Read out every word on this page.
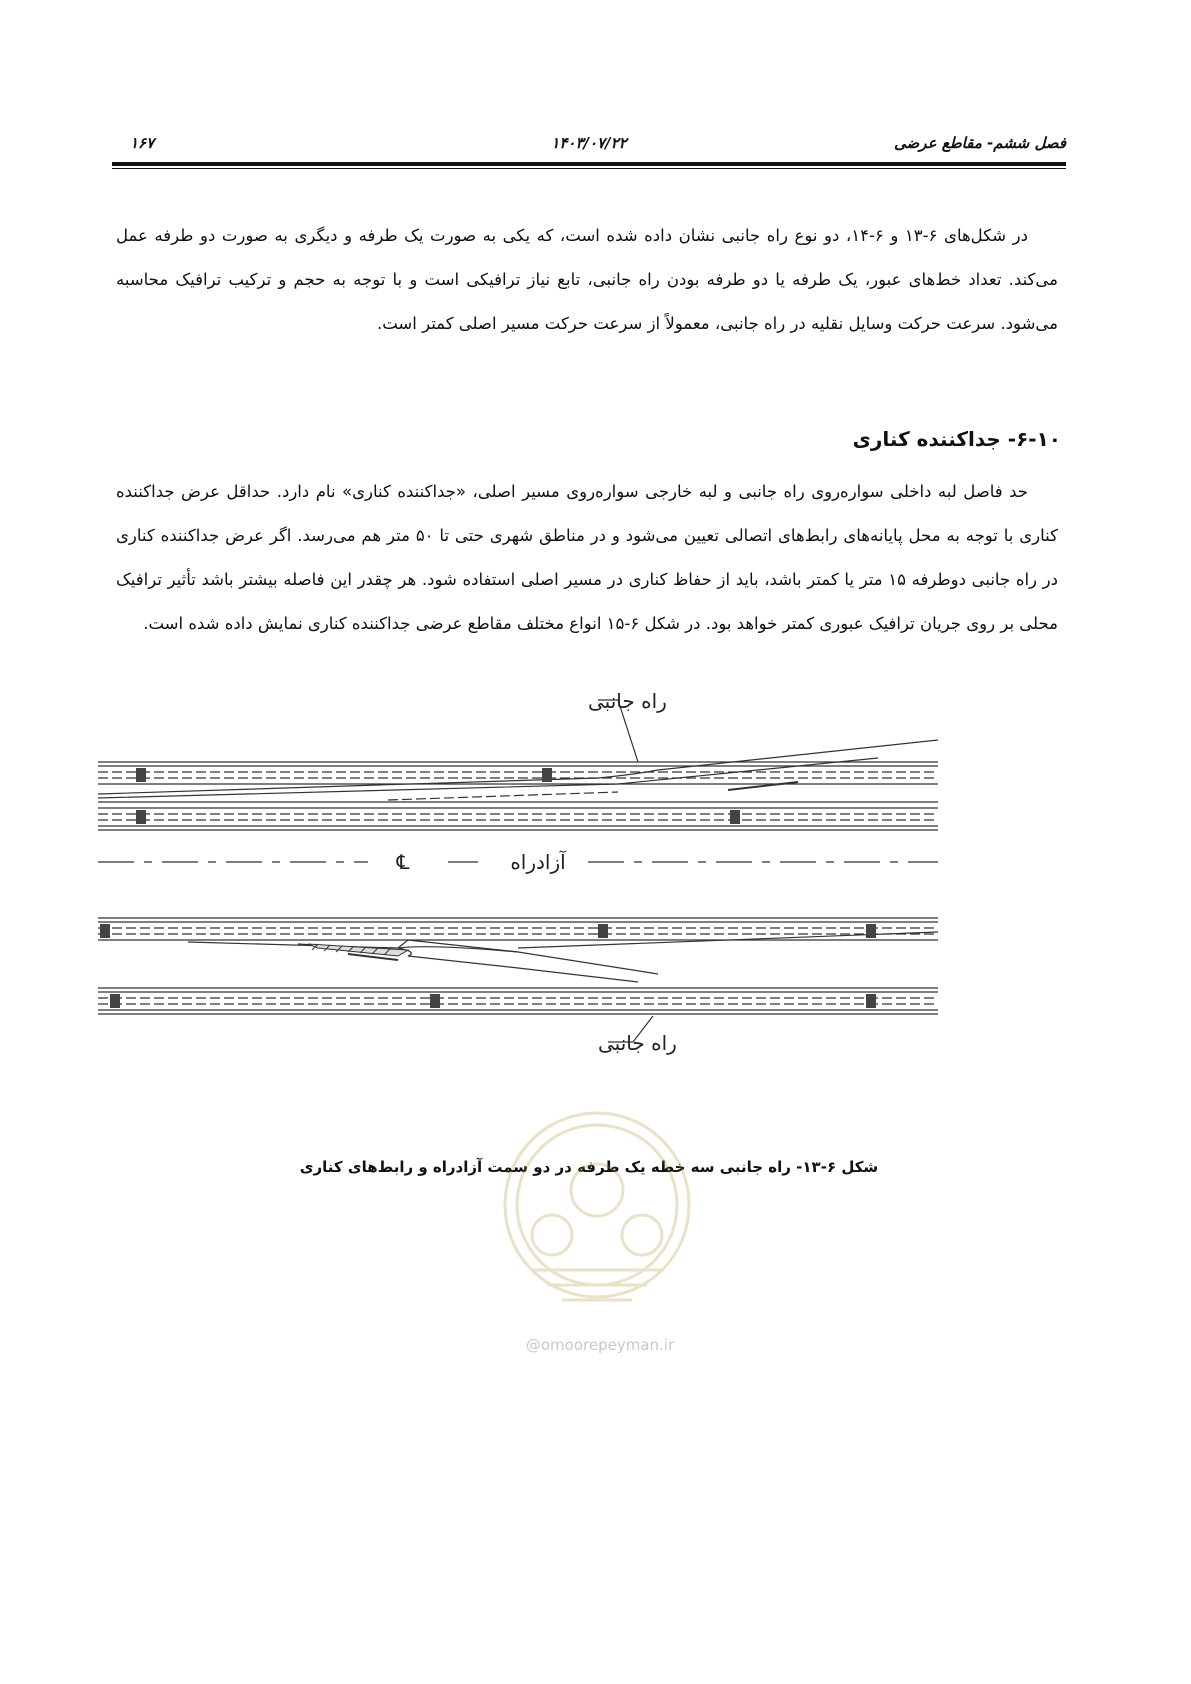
فصل ششم- مقاطع عرضی
۱۴۰۳/۰۷/۲۲
۱۶۷

در شکل‌های ۶-۱۳ و ۶-۱۴، دو نوع راه جانبی نشان داده شده است، که یکی به صورت یک طرفه و دیگری به صورت دو طرفه عمل می‌کند. تعداد خط‌های عبور، یک طرفه یا دو طرفه بودن راه جانبی، تابع نیاز ترافیکی است و با توجه به حجم و ترکیب ترافیک محاسبه می‌شود. سرعت حرکت وسایل نقلیه در راه جانبی، معمولاً از سرعت حرکت مسیر اصلی کمتر است.

۶-۱۰- جداکننده کناری

حد فاصل لبه داخلی سواره‌روی راه جانبی و لبه خارجی سواره‌روی مسیر اصلی، «جداکننده کناری» نام دارد. حداقل عرض جداکننده کناری با توجه به محل پایانه‌های رابط‌های اتصالی تعیین می‌شود و در مناطق شهری حتی تا ۵۰ متر هم می‌رسد. اگر عرض جداکننده کناری در راه جانبی دوطرفه ۱۵ متر یا کمتر باشد، باید از حفاظ کناری در مسیر اصلی استفاده شود. هر چقدر این فاصله بیشتر باشد تأثیر ترافیک محلی بر روی جریان ترافیک عبوری کمتر خواهد بود. در شکل ۶-۱۵ انواع مختلف مقاطع عرضی جداکننده کناری نمایش داده شده است.

℄
راه جانبی
آزادراه
راه جانبی
شکل ۶-۱۳- راه جانبی سه خطه یک طرفه در دو سمت آزادراه و رابط‌های کناری
@omoorepeyman.ir
